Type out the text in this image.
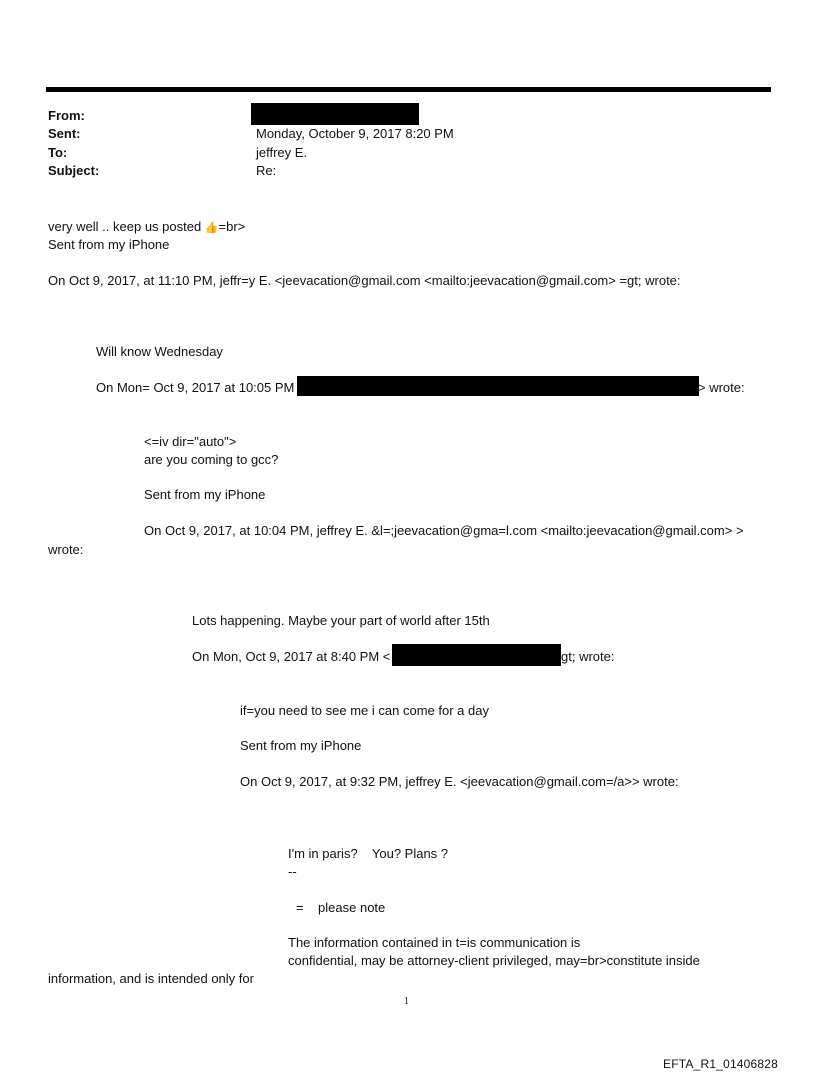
From:
Sent:	Monday, October 9, 2017 8:20 PM
To:	jeffrey E.
Subject:	Re:
very well .. keep us posted 👍=br>
Sent from my iPhone
On Oct 9, 2017, at 11:10 PM, jeffr=y E. <jeevacation@gmail.com <mailto:jeevacation@gmail.com> =gt; wrote:
Will know Wednesday
On Mon= Oct 9, 2017 at 10:05 PM	> wrote:
<=iv dir="auto">
are you coming to gcc?
Sent from my iPhone
On Oct 9, 2017, at 10:04 PM, jeffrey E. &l=;jeevacation@gma=l.com <mailto:jeevacation@gmail.com> >
wrote:
Lots happening. Maybe your part of world after 15th
On Mon, Oct 9, 2017 at 8:40 PM <	gt; wrote:
if=you need to see me i can come for a day
Sent from my iPhone
On Oct 9, 2017, at 9:32 PM, jeffrey E. <jeevacation@gmail.com=/a>> wrote:
I'm in paris?    You? Plans ?
--
=    please note
The information contained in t=is communication is
confidential, may be attorney-client privileged, may=br>constitute inside
information, and is intended only for
1
EFTA_R1_01406828
